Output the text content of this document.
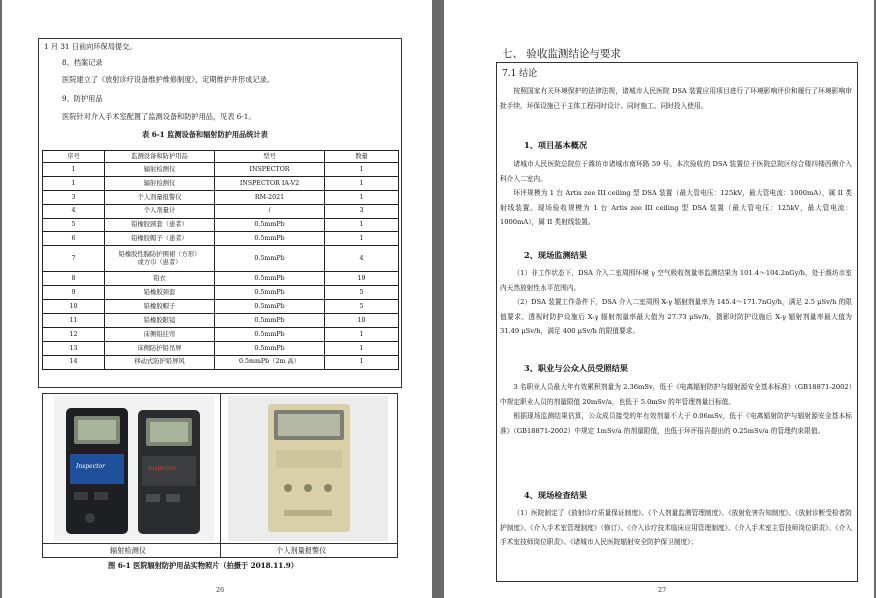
1 月 31 日前向环保局提交。
8、档案记录
医院建立了《放射诊疗设备维护维修制度》，定期维护并形成记录。
9、防护用品
医院针对介入手术室配置了监测设备和防护用品，见表 6-1。
表 6-1 监测设备和辐射防护用品统计表
序号	监测设备和防护用品	型号	数量
1	辐射检测仪	INSPECTOR	1
1	辐射检测仪	INSPECTOR IA-V2	1
3	个人剂量报警仪	RM-2021	1
4	个人剂量计	/	3
5	铅橡胶颈套（患者）	0.5mmPb	1
6	铅橡胶帽子（患者）	0.5mmPb	1
7	铅橡胶性腺防护围裙（方形）
或方巾（患者）	0.5mmPb	4
8	铅衣	0.5mmPb	19
9	铅橡胶颈套	0.5mmPb	5
10	铅橡胶帽子	0.5mmPb	5
11	铅橡胶眼镜	0.5mmPb	10
12	床侧铅挂帘	0.5mmPb	1
13	床侧防护铅吊屏	0.5mmPb	1
14	移动式防护铅屏风	0.5mmPb（2m 高）	1
Inspector	Inspector
辐射检测仪	个人剂量报警仪
图 6-1 医院辐射防护用品实物照片（拍摄于 2018.11.9）
26
七、 验收监测结论与要求
7.1 结论

按照国家有关环境保护的法律法规，诸城市人民医院 DSA 装置应用项目进行了环境影响评价和履行了环境影响审批手续。环保设施已于主体工程同时设计、同时施工、同时投入使用。

1、项目基本概况

诸城市人民医院总院位于潍坊市诸城市南环路 59 号。本次验收的 DSA 装置位于医院总院区综合楼四楼西侧介入科介入二室内。

环评规模为 1 台 Artis zee III ceiling 型 DSA 装置（最大管电压：125kV，最大管电流：1000mA），属 II 类射线装置。现场验收规模为 1 台 Artis zee III ceiling 型 DSA 装置（最大管电压：125kV，最大管电流：1000mA），属 II 类射线装置。

2、现场监测结果

（1）非工作状态下，DSA 介入二室周围环境 γ 空气吸收剂量率监测结果为 101.4～104.2nGy/h，处于潍坊市室内天然放射性水平范围内。

（2）DSA 装置工作条件下，DSA 介入二室周围 X-γ 辐射剂量率为 145.4～171.7nGy/h，满足 2.5 μSv/h 的限值要求。透视时防护设施后 X-γ 辐射剂量率最大值为 27.73 μSv/h，摄影时防护设施后 X-γ 辐射剂量率最大值为 31.49 μSv/h，满足 400 μSv/h 的限值要求。

3、职业与公众人员受照结果

3 名职业人员最大年有效累积剂量为 2.36mSv，低于《电离辐射防护与辐射源安全基本标准》（GB18871-2002）中规定职业人员的剂量限值 20mSv/a，也低于 5.0mSv 的年管理剂量目标值。

根据现场监测结果估算，公众成员接受的年有效剂量不大于 0.06mSv，低于《电离辐射防护与辐射源安全基本标准》（GB18871-2002）中规定 1mSv/a 的剂量限值，也低于环评报告提出的 0.25mSv/a 的管理约束限值。

4、现场检查结果

（1）医院制定了《放射诊疗质量保证制度》、《个人剂量监测管理制度》、《放射危害告知制度》、《放射诊断受检者防护制度》、《介入手术室管理制度》（修订）、《介入诊疗技术临床应用管理制度》、《介入手术室主管技师岗位职责》、《介入手术室技师岗位职责》、《诸城市人民医院辐射安全防护保卫制度》；

27
